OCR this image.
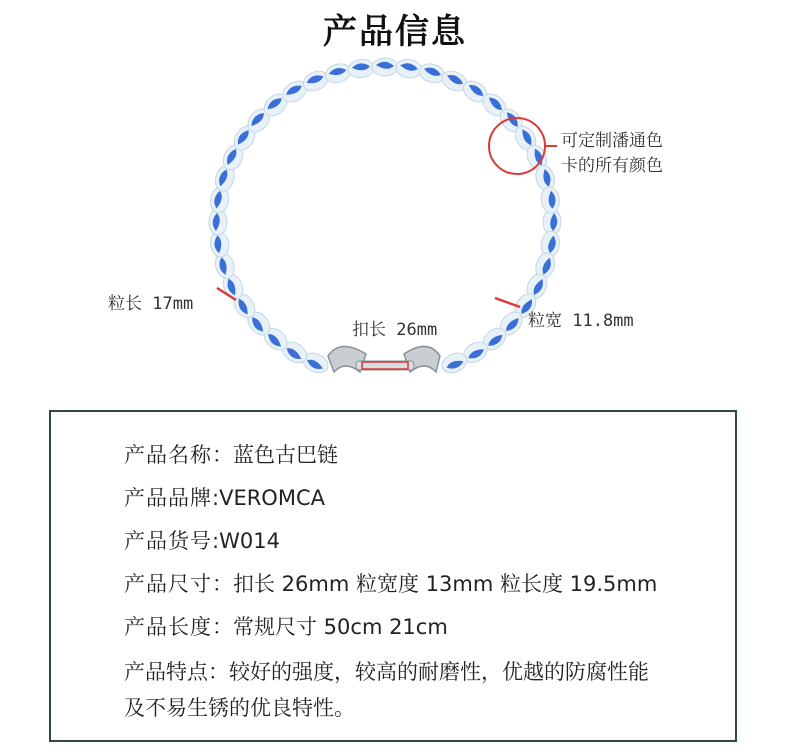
产品信息
可定制潘通色
卡的所有颜色
粒长 17mm
扣长 26mm	粒宽 11.8mm
产品名称：蓝色古巴链
产品品牌:VEROMCA
产品货号:W014
产品尺寸：扣长 26mm 粒宽度 13mm 粒长度 19.5mm
产品长度：常规尺寸 50cm 21cm
产品特点：较好的强度，较高的耐磨性，优越的防腐性能及不易生锈的优良特性。
